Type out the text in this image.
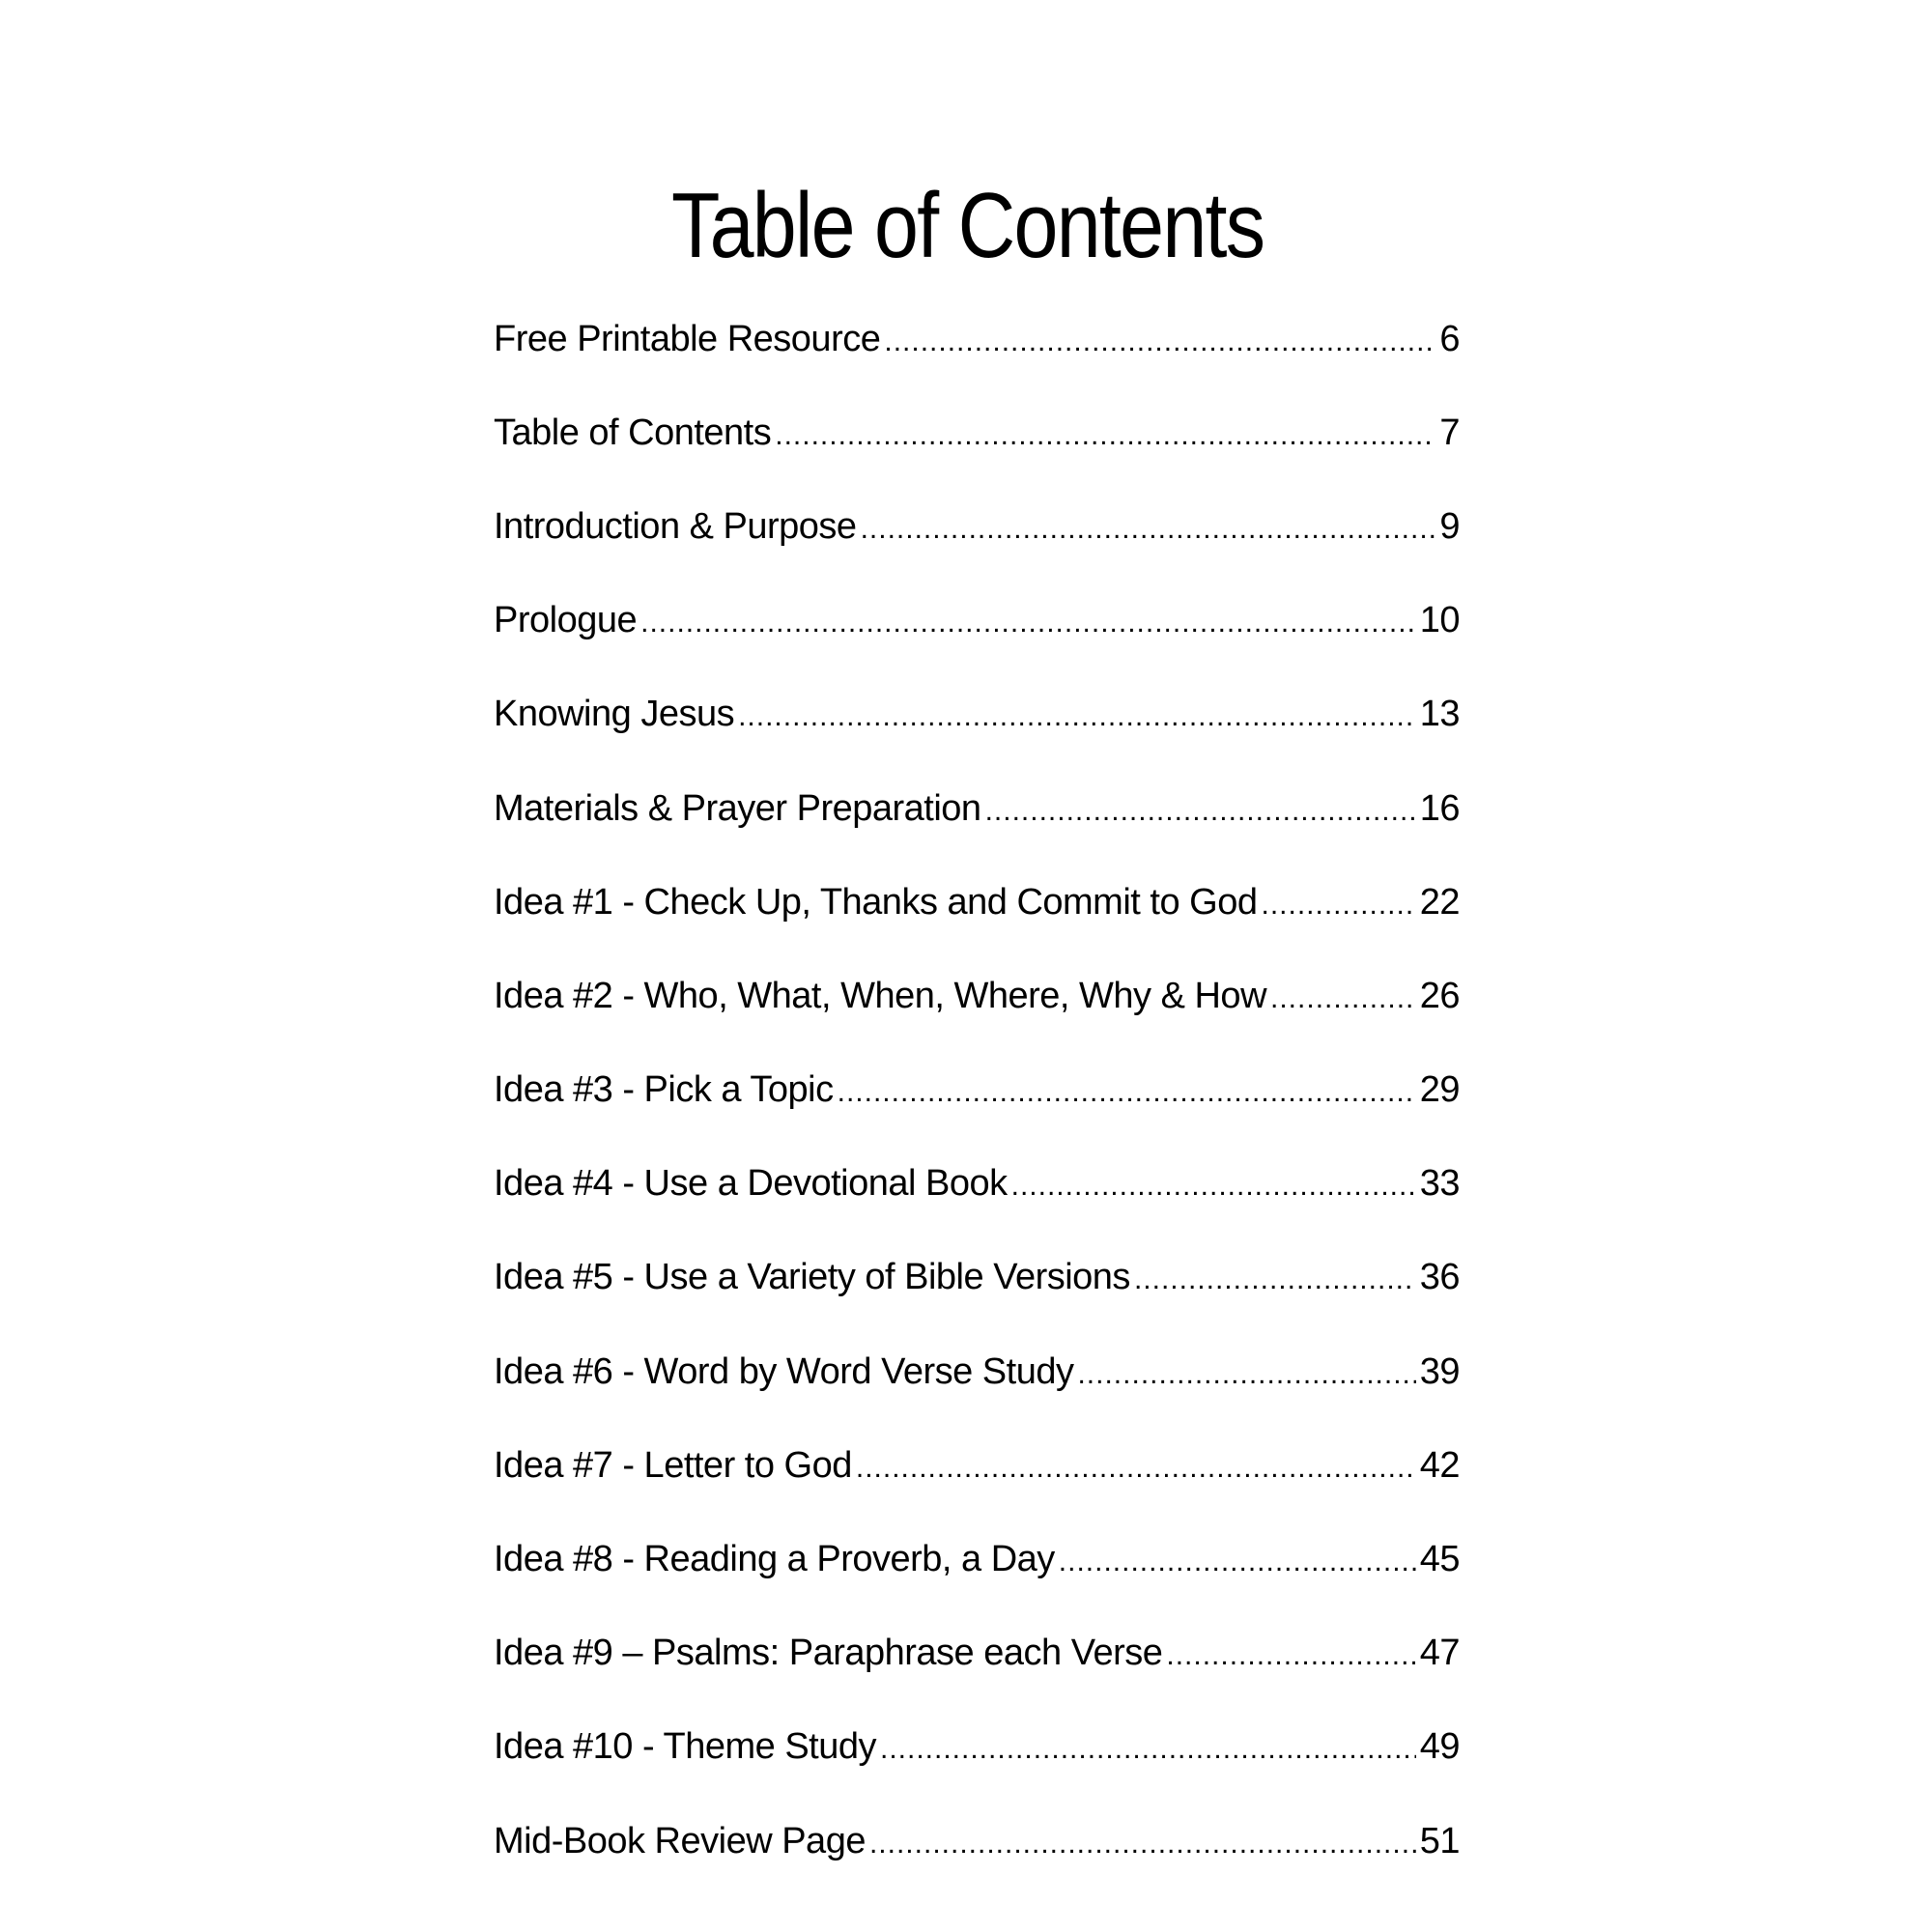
Table of Contents
Free Printable Resource .....	6
Table of Contents .....	7
Introduction & Purpose .....	9
Prologue .....	10
Knowing Jesus .....	13
Materials & Prayer Preparation .....	16
Idea #1 - Check Up, Thanks and Commit to God .....	22
Idea #2 - Who, What, When, Where, Why & How .....	26
Idea #3 - Pick a Topic .....	29
Idea #4 - Use a Devotional Book .....	33
Idea #5 - Use a Variety of Bible Versions .....	36
Idea #6 - Word by Word Verse Study .....	39
Idea #7 - Letter to God .....	42
Idea #8 - Reading a Proverb, a Day .....	45
Idea #9 – Psalms: Paraphrase each Verse .....	47
Idea #10 - Theme Study .....	49
Mid-Book Review Page .....	51
